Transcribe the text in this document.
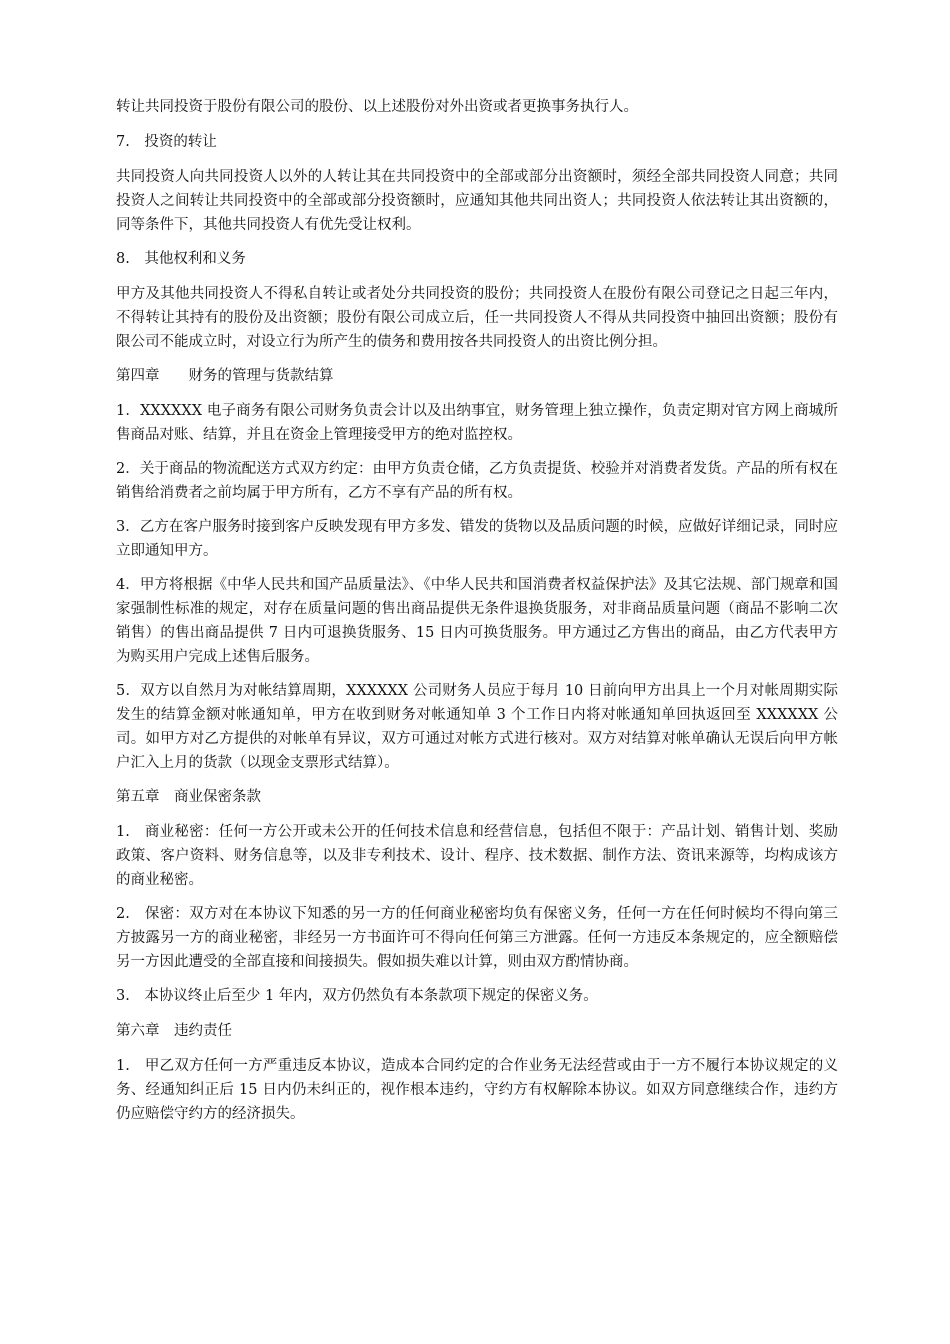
转让共同投资于股份有限公司的股份、以上述股份对外出资或者更换事务执行人。

7.　投资的转让

共同投资人向共同投资人以外的人转让其在共同投资中的全部或部分出资额时，须经全部共同投资人同意；共同投资人之间转让共同投资中的全部或部分投资额时，应通知其他共同出资人；共同投资人依法转让其出资额的，同等条件下，其他共同投资人有优先受让权利。

8.　其他权利和义务

甲方及其他共同投资人不得私自转让或者处分共同投资的股份；共同投资人在股份有限公司登记之日起三年内，不得转让其持有的股份及出资额；股份有限公司成立后，任一共同投资人不得从共同投资中抽回出资额；股份有限公司不能成立时，对设立行为所产生的债务和费用按各共同投资人的出资比例分担。

第四章　　财务的管理与货款结算

1．XXXXXX 电子商务有限公司财务负责会计以及出纳事宜，财务管理上独立操作，负责定期对官方网上商城所售商品对账、结算，并且在资金上管理接受甲方的绝对监控权。

2．关于商品的物流配送方式双方约定：由甲方负责仓储，乙方负责提货、校验并对消费者发货。产品的所有权在销售给消费者之前均属于甲方所有，乙方不享有产品的所有权。

3．乙方在客户服务时接到客户反映发现有甲方多发、错发的货物以及品质问题的时候，应做好详细记录，同时应立即通知甲方。

4．甲方将根据《中华人民共和国产品质量法》、《中华人民共和国消费者权益保护法》及其它法规、部门规章和国家强制性标准的规定，对存在质量问题的售出商品提供无条件退换货服务，对非商品质量问题（商品不影响二次销售）的售出商品提供 7 日内可退换货服务、15 日内可换货服务。甲方通过乙方售出的商品，由乙方代表甲方为购买用户完成上述售后服务。

5．双方以自然月为对帐结算周期，XXXXXX 公司财务人员应于每月 10 日前向甲方出具上一个月对帐周期实际发生的结算金额对帐通知单，甲方在收到财务对帐通知单 3 个工作日内将对帐通知单回执返回至 XXXXXX 公司。如甲方对乙方提供的对帐单有异议，双方可通过对帐方式进行核对。双方对结算对帐单确认无误后向甲方帐户汇入上月的货款（以现金支票形式结算）。

第五章　商业保密条款

1.　商业秘密：任何一方公开或未公开的任何技术信息和经营信息，包括但不限于：产品计划、销售计划、奖励政策、客户资料、财务信息等，以及非专利技术、设计、程序、技术数据、制作方法、资讯来源等，均构成该方的商业秘密。

2.　保密：双方对在本协议下知悉的另一方的任何商业秘密均负有保密义务，任何一方在任何时候均不得向第三方披露另一方的商业秘密，非经另一方书面许可不得向任何第三方泄露。任何一方违反本条规定的，应全额赔偿另一方因此遭受的全部直接和间接损失。假如损失难以计算，则由双方酌情协商。

3.　本协议终止后至少 1 年内，双方仍然负有本条款项下规定的保密义务。

第六章　违约责任

1.　甲乙双方任何一方严重违反本协议，造成本合同约定的合作业务无法经营或由于一方不履行本协议规定的义务、经通知纠正后 15 日内仍未纠正的，视作根本违约，守约方有权解除本协议。如双方同意继续合作，违约方仍应赔偿守约方的经济损失。
